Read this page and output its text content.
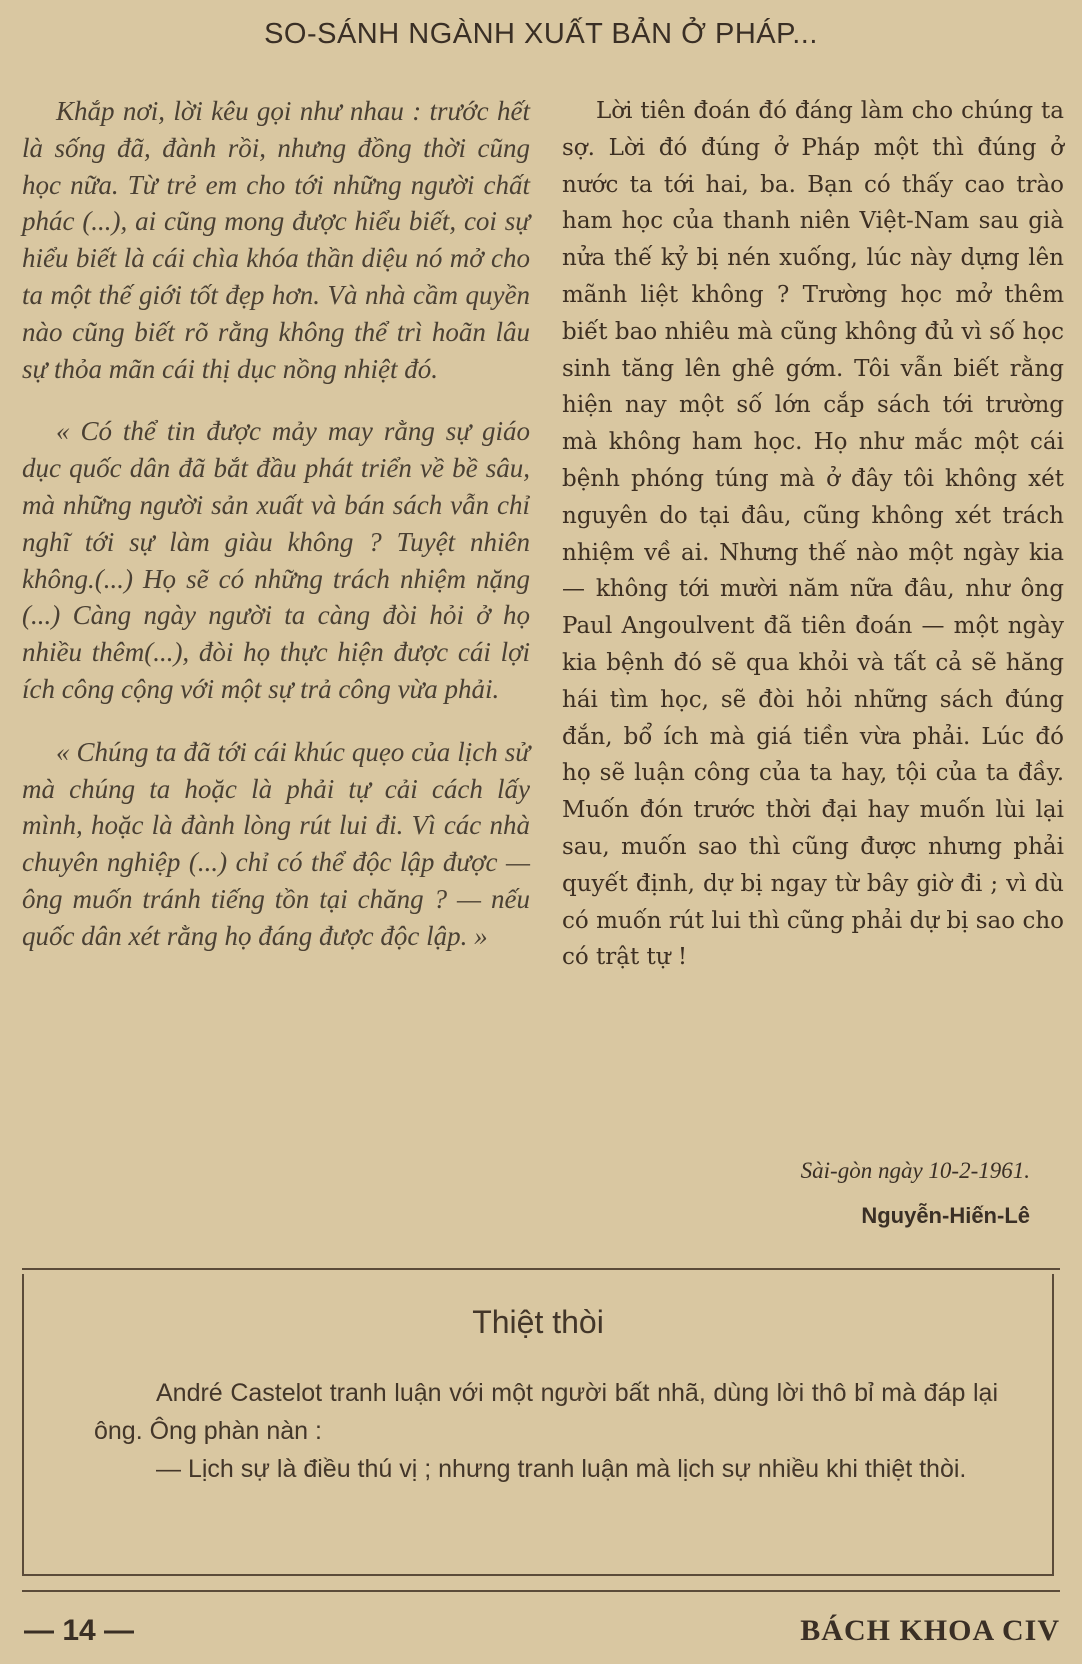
SO-SÁNH NGÀNH XUẤT BẢN Ở PHÁP...

Khắp nơi, lời kêu gọi như nhau : trước hết là sống đã, đành rồi, nhưng đồng thời cũng học nữa. Từ trẻ em cho tới những người chất phác (...), ai cũng mong được hiểu biết, coi sự hiểu biết là cái chìa khóa thần diệu nó mở cho ta một thế giới tốt đẹp hơn. Và nhà cầm quyền nào cũng biết rõ rằng không thể trì hoãn lâu sự thỏa mãn cái thị dục nồng nhiệt đó.

« Có thể tin được mảy may rằng sự giáo dục quốc dân đã bắt đầu phát triển về bề sâu, mà những người sản xuất và bán sách vẫn chỉ nghĩ tới sự làm giàu không ? Tuyệt nhiên không.(...) Họ sẽ có những trách nhiệm nặng (...) Càng ngày người ta càng đòi hỏi ở họ nhiều thêm(...), đòi họ thực hiện được cái lợi ích công cộng với một sự trả công vừa phải.

« Chúng ta đã tới cái khúc quẹo của lịch sử mà chúng ta hoặc là phải tự cải cách lấy mình, hoặc là đành lòng rút lui đi. Vì các nhà chuyên nghiệp (...) chỉ có thể độc lập được — ông muốn tránh tiếng tồn tại chăng ? — nếu quốc dân xét rằng họ đáng được độc lập. »

Lời tiên đoán đó đáng làm cho chúng ta sợ. Lời đó đúng ở Pháp một thì đúng ở nước ta tới hai, ba. Bạn có thấy cao trào ham học của thanh niên Việt-Nam sau già nửa thế kỷ bị nén xuống, lúc này dựng lên mãnh liệt không ? Trường học mở thêm biết bao nhiêu mà cũng không đủ vì số học sinh tăng lên ghê gớm. Tôi vẫn biết rằng hiện nay một số lớn cắp sách tới trường mà không ham học. Họ như mắc một cái bệnh phóng túng mà ở đây tôi không xét nguyên do tại đâu, cũng không xét trách nhiệm về ai. Nhưng thế nào một ngày kia — không tới mười năm nữa đâu, như ông Paul Angoulvent đã tiên đoán — một ngày kia bệnh đó sẽ qua khỏi và tất cả sẽ hăng hái tìm học, sẽ đòi hỏi những sách đúng đắn, bổ ích mà giá tiền vừa phải. Lúc đó họ sẽ luận công của ta hay, tội của ta đầy. Muốn đón trước thời đại hay muốn lùi lại sau, muốn sao thì cũng được nhưng phải quyết định, dự bị ngay từ bây giờ đi ; vì dù có muốn rút lui thì cũng phải dự bị sao cho có trật tự !

Sài-gòn ngày 10-2-1961.
Nguyễn-Hiến-Lê
Thiệt thòi

André Castelot tranh luận với một người bất nhã, dùng lời thô bỉ mà đáp lại ông. Ông phàn nàn :

— Lịch sự là điều thú vị ; nhưng tranh luận mà lịch sự nhiều khi thiệt thòi.

— 14 —	BÁCH KHOA CIV
